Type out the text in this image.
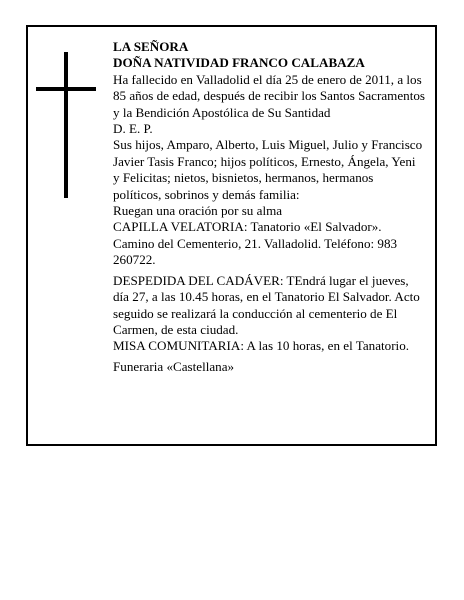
LA SEÑORA

DOÑA NATIVIDAD FRANCO CALABAZA

Ha fallecido en Valladolid el día 25 de enero de 2011, a los 85 años de edad, después de recibir los Santos Sacramentos y la Bendición Apostólica de Su Santidad

D. E. P.

Sus hijos, Amparo, Alberto, Luis Miguel, Julio y Francisco Javier Tasis Franco; hijos políticos, Ernesto, Ángela, Yeni y Felicitas; nietos, bisnietos, hermanos, hermanos políticos, sobrinos y demás familia:

Ruegan una oración por su alma

CAPILLA VELATORIA: Tanatorio «El Salvador». Camino del Cementerio, 21. Valladolid. Teléfono: 983 260722.

DESPEDIDA DEL CADÁVER: TEndrá lugar el jueves, día 27, a las 10.45 horas, en el Tanatorio El Salvador. Acto seguido se realizará la conducción al cementerio de El Carmen, de esta ciudad.

MISA COMUNITARIA: A las 10 horas, en el Tanatorio.

Funeraria «Castellana»
